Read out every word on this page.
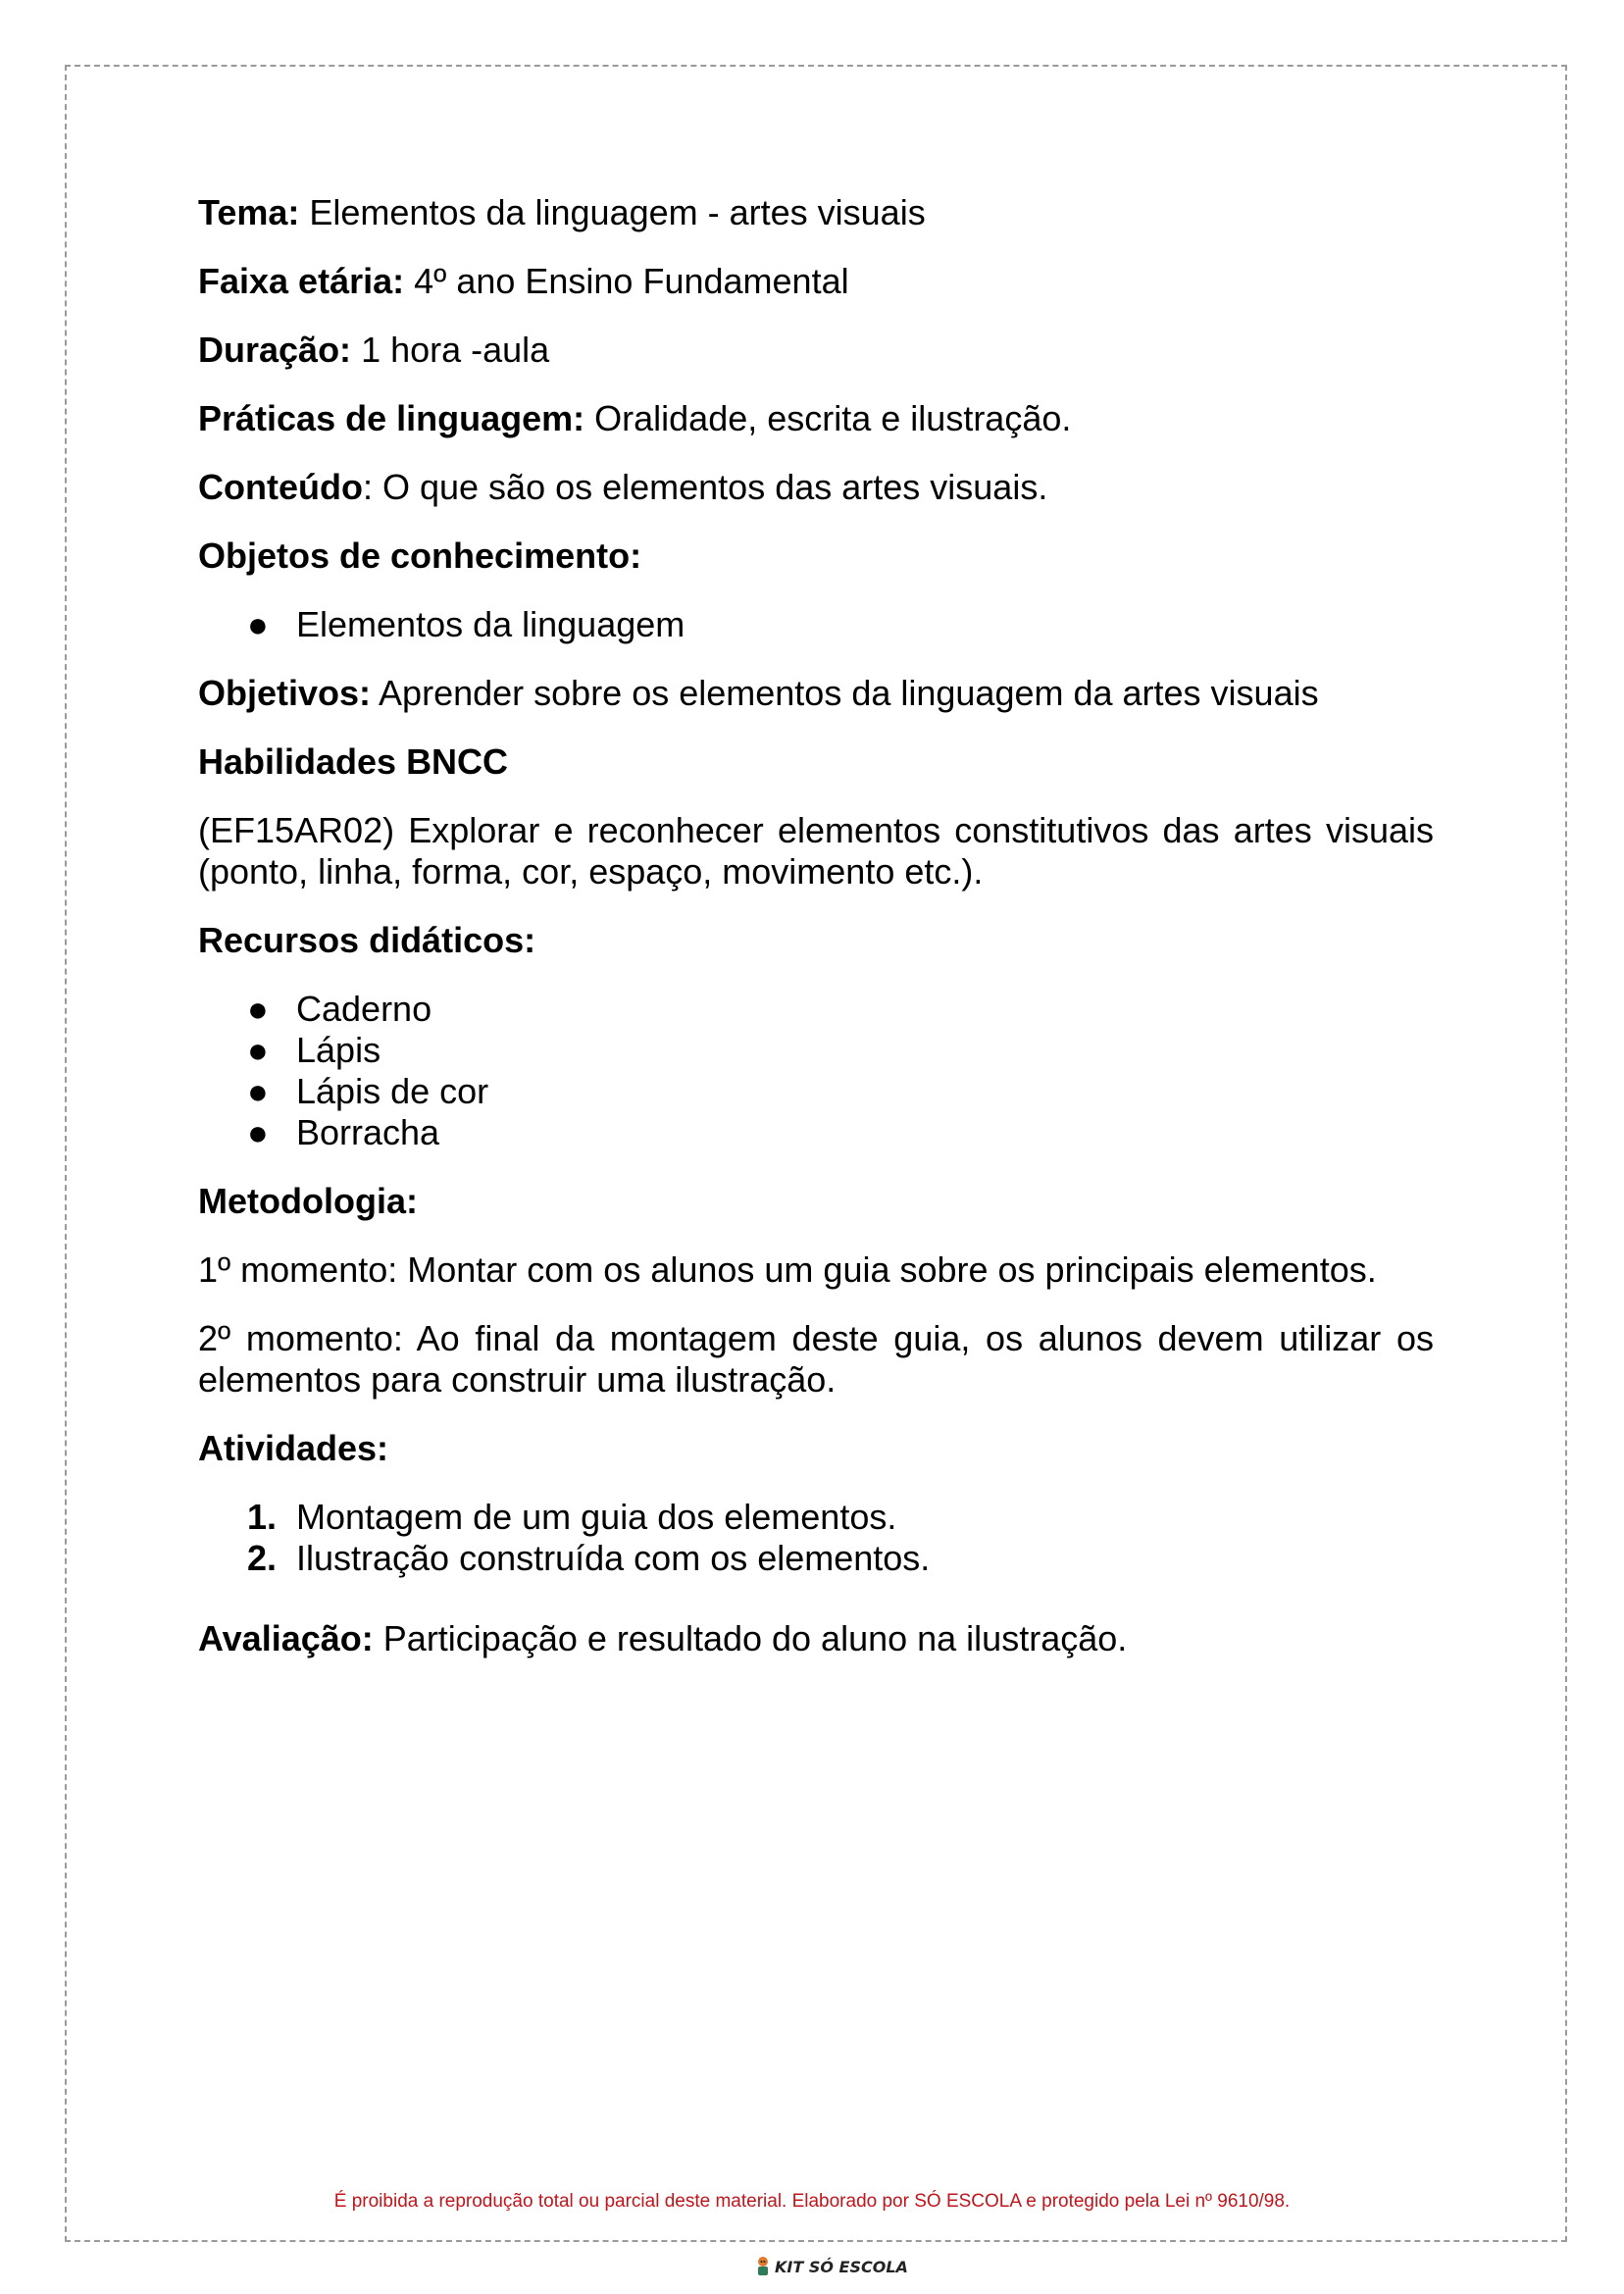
Tema: Elementos da linguagem - artes visuais

Faixa etária: 4º ano Ensino Fundamental

Duração: 1 hora -aula

Práticas de linguagem: Oralidade, escrita e ilustração.

Conteúdo: O que são os elementos das artes visuais.

Objetos de conhecimento:

● Elementos da linguagem

Objetivos: Aprender sobre os elementos da linguagem da artes visuais

Habilidades BNCC

(EF15AR02) Explorar e reconhecer elementos constitutivos das artes visuais (ponto, linha, forma, cor, espaço, movimento etc.).

Recursos didáticos:

● Caderno
● Lápis
● Lápis de cor
● Borracha

Metodologia:

1º momento: Montar com os alunos um guia sobre os principais elementos.

2º momento: Ao final da montagem deste guia, os alunos devem utilizar os elementos para construir uma ilustração.

Atividades:

1. Montagem de um guia dos elementos.
2. Ilustração construída com os elementos.

Avaliação: Participação e resultado do aluno na ilustração.

É proibida a reprodução total ou parcial deste material. Elaborado por SÓ ESCOLA e protegido pela Lei nº 9610/98.
KIT SÓ ESCOLA
